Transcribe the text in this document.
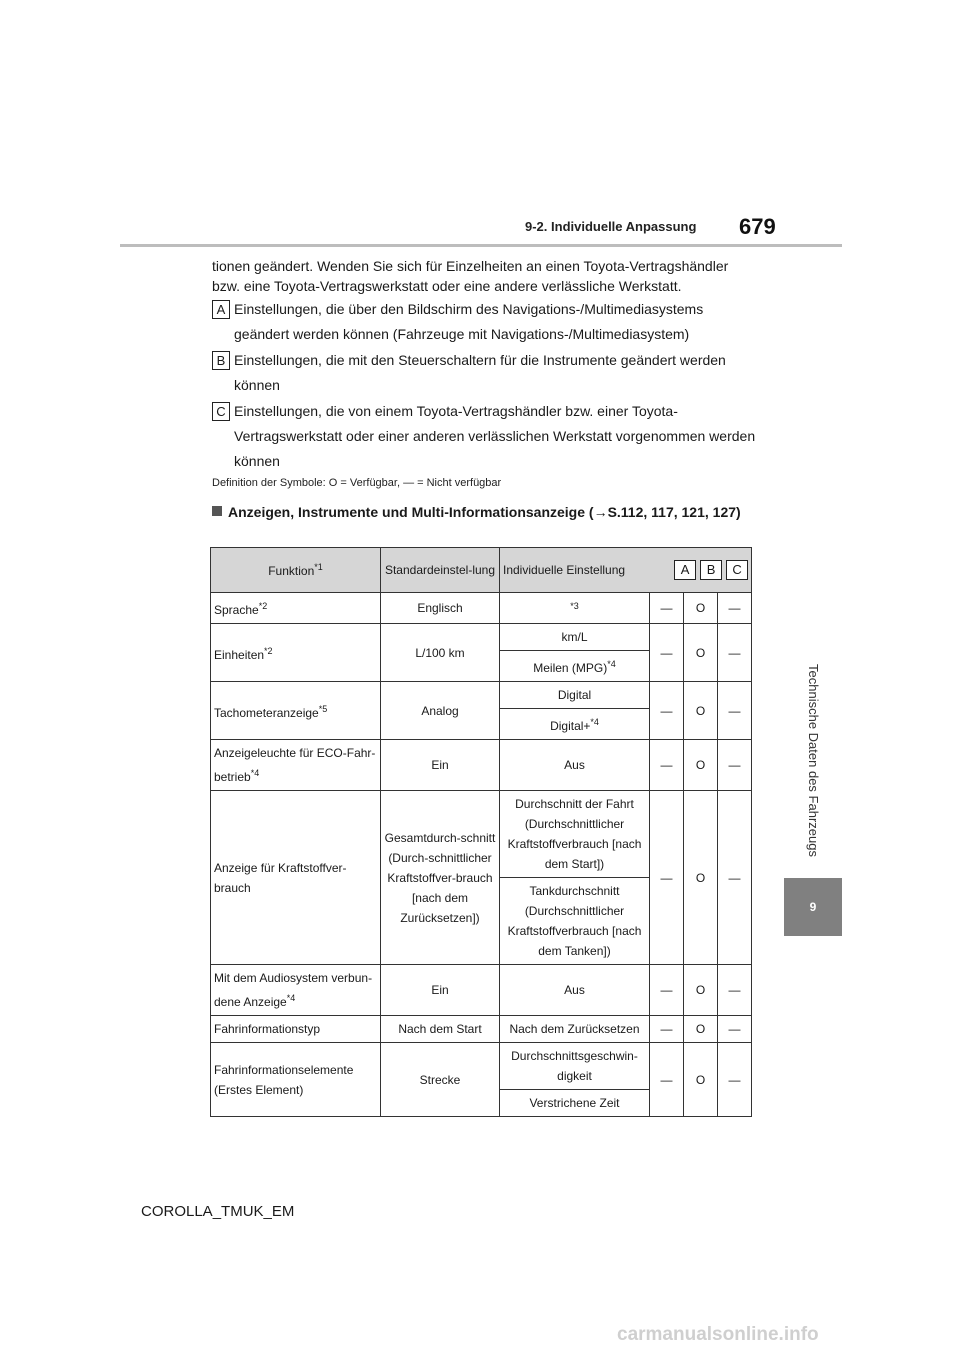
9-2. Individuelle Anpassung 679
Technische Daten des Fahrzeugs
9
tionen geändert. Wenden Sie sich für Einzelheiten an einen Toyota-Vertragshändler bzw. eine Toyota-Vertragswerkstatt oder eine andere verlässliche Werkstatt.
A Einstellungen, die über den Bildschirm des Navigations-/Multimediasystems geändert werden können (Fahrzeuge mit Navigations-/Multimediasystem)
B Einstellungen, die mit den Steuerschaltern für die Instrumente geändert werden können
C Einstellungen, die von einem Toyota-Vertragshändler bzw. einer Toyota-Vertragswerkstatt oder einer anderen verlässlichen Werkstatt vorgenommen werden können
Definition der Symbole: O = Verfügbar, — = Nicht verfügbar
Anzeigen, Instrumente und Multi-Informationsanzeige (→S.112, 117, 121, 127)
Funktion$^{*1}$	Standardeinstel-lung	Individuelle Einstellung A B C			

Sprache$^{*2}$	Englisch	$^{*3}$	—	O	—
Einheiten$^{*2}$	L/100 km	km/L	—	O	—
		Meilen (MPG)$^{*4}$
Tachometeranzeige$^{*5}$	Analog	Digital	—	O	—
		Digital+$^{*4}$
Anzeigeleuchte für ECO-Fahr-betrieb$^{*4}$	Ein	Aus	—	O	—
Anzeige für Kraftstoffver-brauch	Gesamtdurch-schnitt (Durch-schnittlicher Kraftstoffver-brauch [nach dem Zurücksetzen])	Durchschnitt der Fahrt (Durchschnittlicher Kraftstoffverbrauch [nach dem Start])	—	O	—
		Tankdurchschnitt (Durchschnittlicher Kraftstoffverbrauch [nach dem Tanken])			
Mit dem Audiosystem verbun-dene Anzeige$^{*4}$	Ein	Aus	—	O	—
Fahrinformationstyp	Nach dem Start	Nach dem Zurücksetzen	—	O	—
Fahrinformationselemente (Erstes Element)	Strecke	Durchschnittsgeschwin-digkeit	—	O	—
		Verstrichene Zeit			
COROLLA_TMUK_EM
carmanualsonline.info
